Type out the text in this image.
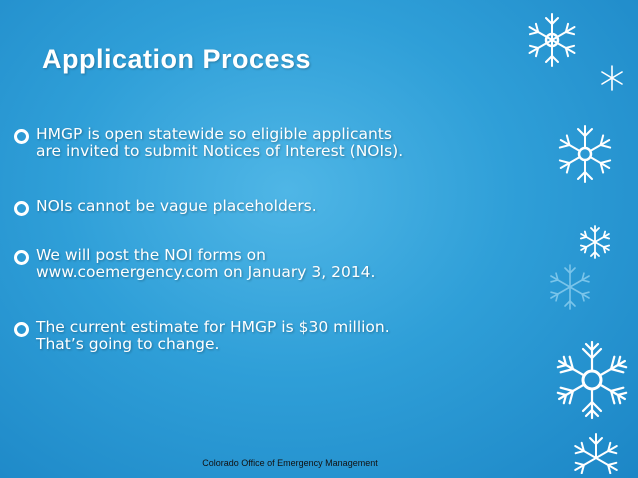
Application Process
HMGP is open statewide so eligible applicants
are invited to submit Notices of Interest (NOIs).
NOIs cannot be vague placeholders.
We will post the NOI forms on
www.coemergency.com on January 3, 2014.
The current estimate for HMGP is $30 million.
That’s going to change.
Colorado Office of Emergency Management
